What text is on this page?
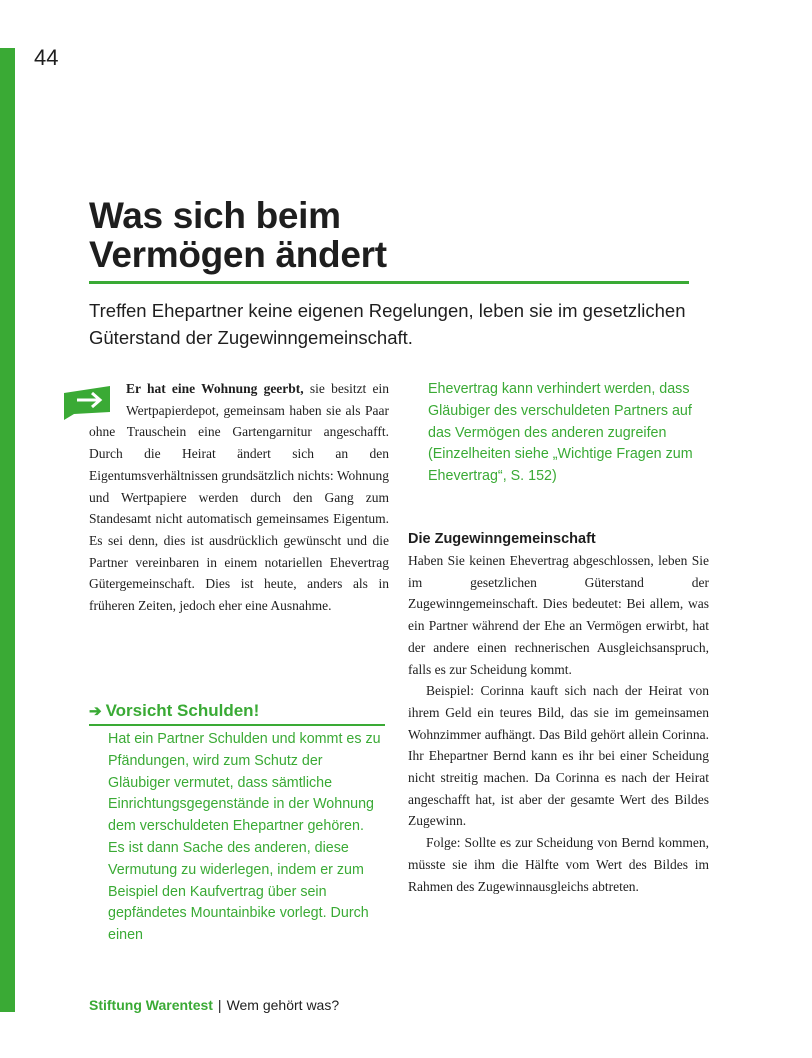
44
Was sich beim
Vermögen ändert

Treffen Ehepartner keine eigenen Regelungen, leben sie im gesetzlichen Güterstand der Zugewinngemeinschaft.

Er hat eine Wohnung geerbt, sie besitzt ein Wertpapierdepot, gemeinsam haben sie als Paar ohne Trauschein eine Gartengarnitur angeschafft. Durch die Heirat ändert sich an den Eigentumsverhältnissen grundsätzlich nichts: Wohnung und Wertpapiere werden durch den Gang zum Standesamt nicht automatisch gemeinsames Eigentum. Es sei denn, dies ist ausdrücklich gewünscht und die Partner vereinbaren in einem notariellen Ehevertrag Gütergemeinschaft. Dies ist heute, anders als in früheren Zeiten, jedoch eher eine Ausnahme.

➔ Vorsicht Schulden!

Hat ein Partner Schulden und kommt es zu Pfändungen, wird zum Schutz der Gläubiger vermutet, dass sämtliche Einrichtungsgegenstände in der Wohnung dem verschuldeten Ehepartner gehören. Es ist dann Sache des anderen, diese Vermutung zu widerlegen, indem er zum Beispiel den Kaufvertrag über sein gepfändetes Mountainbike vorlegt. Durch einen

Ehevertrag kann verhindert werden, dass Gläubiger des verschuldeten Partners auf das Vermögen des anderen zugreifen (Einzelheiten siehe „Wichtige Fragen zum Ehevertrag“, S. 152)

Die Zugewinngemeinschaft

Haben Sie keinen Ehevertrag abgeschlossen, leben Sie im gesetzlichen Güterstand der Zugewinngemeinschaft. Dies bedeutet: Bei allem, was ein Partner während der Ehe an Vermögen erwirbt, hat der andere einen rechnerischen Ausgleichsanspruch, falls es zur Scheidung kommt.

Beispiel: Corinna kauft sich nach der Heirat von ihrem Geld ein teures Bild, das sie im gemeinsamen Wohnzimmer aufhängt. Das Bild gehört allein Corinna. Ihr Ehepartner Bernd kann es ihr bei einer Scheidung nicht streitig machen. Da Corinna es nach der Heirat angeschafft hat, ist aber der gesamte Wert des Bildes Zugewinn.

Folge: Sollte es zur Scheidung von Bernd kommen, müsste sie ihm die Hälfte vom Wert des Bildes im Rahmen des Zugewinnausgleichs abtreten.

Stiftung Warentest | Wem gehört was?
